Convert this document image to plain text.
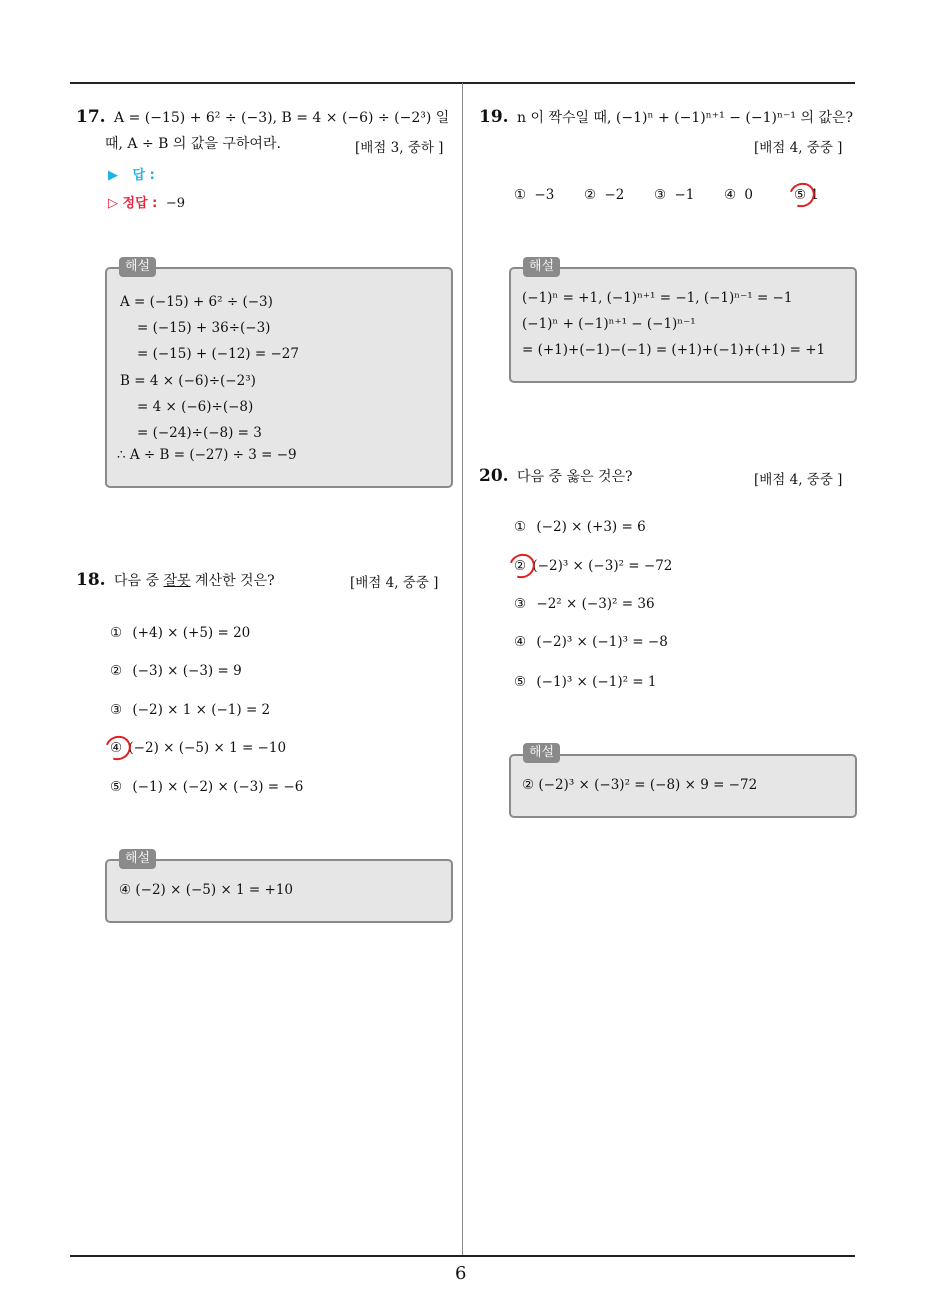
6
17. A = (−15) + 6² ÷ (−3), B = 4 × (−6) ÷ (−2³) 일
때, A ÷ B 의 값을 구하여라.	[배점 3, 중하 ]
▶ 답 :
▷ 정답 : −9
해설
A = (−15) + 6² ÷ (−3)
= (−15) + 36÷(−3)
= (−15) + (−12) = −27
B = 4 × (−6)÷(−2³)
= 4 × (−6)÷(−8)
= (−24)÷(−8) = 3
∴ A ÷ B = (−27) ÷ 3 = −9
18. 다음 중 잘못 계산한 것은?	[배점 4, 중중 ]
① (+4) × (+5) = 20
② (−3) × (−3) = 9
③ (−2) × 1 × (−1) = 2
④ (−2) × (−5) × 1 = −10
⑤ (−1) × (−2) × (−3) = −6
해설
④ (−2) × (−5) × 1 = +10
19. n 이 짝수일 때, (−1)ⁿ + (−1)ⁿ⁺¹ − (−1)ⁿ⁻¹ 의 값은?
[배점 4, 중중 ]
① −3 ② −2 ③ −1 ④ 0	⑤ 1
해설
(−1)ⁿ = +1, (−1)ⁿ⁺¹ = −1, (−1)ⁿ⁻¹ = −1
(−1)ⁿ + (−1)ⁿ⁺¹ − (−1)ⁿ⁻¹
= (+1)+(−1)−(−1) = (+1)+(−1)+(+1) = +1
20. 다음 중 옳은 것은?	[배점 4, 중중 ]
① (−2) × (+3) = 6
② (−2)³ × (−3)² = −72
③ −2² × (−3)² = 36
④ (−2)³ × (−1)³ = −8
⑤ (−1)³ × (−1)² = 1
해설
② (−2)³ × (−3)² = (−8) × 9 = −72
